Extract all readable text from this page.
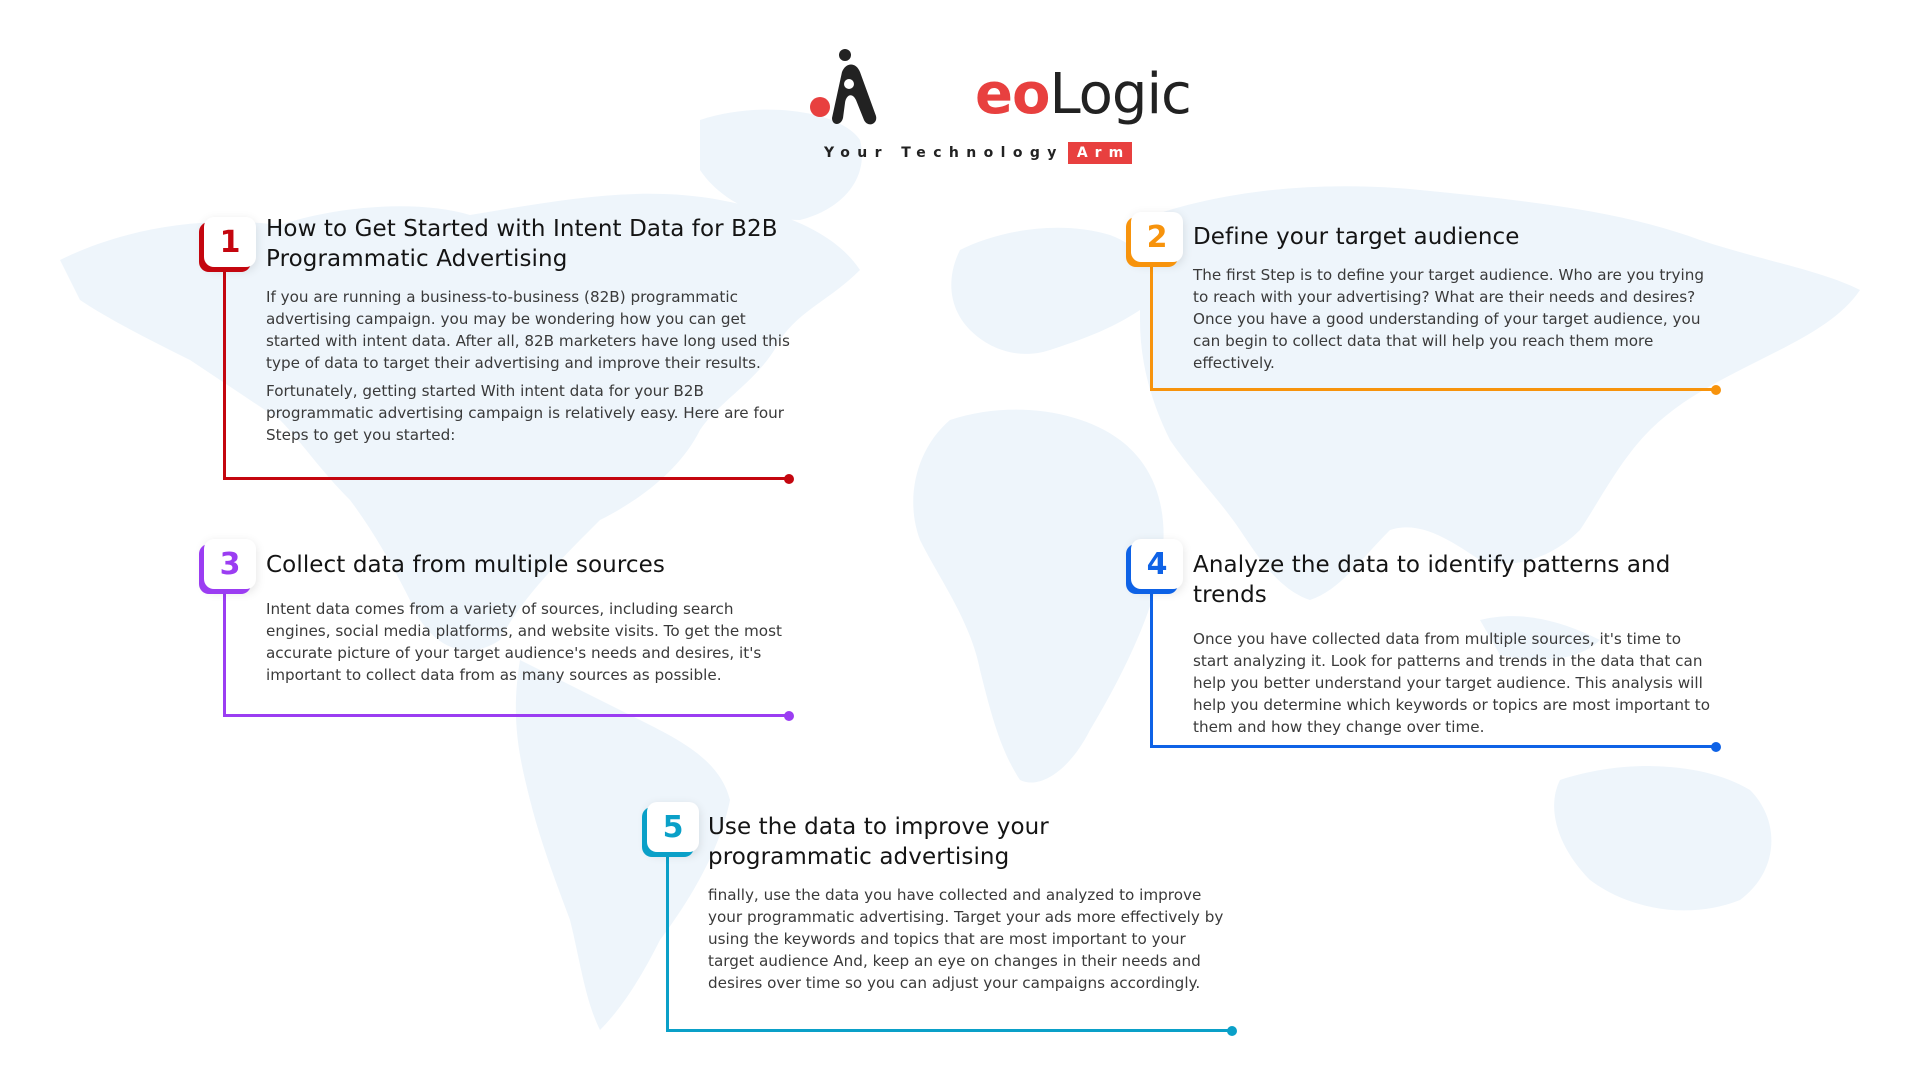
eoLogic
Your Technology Arm
1	How to Get Started with Intent Data for B2B Programmatic Advertising

If you are running a business-to-business (82B) programmatic advertising campaign. you may be wondering how you can get started with intent data. After all, 82B marketers have long used this type of data to target their advertising and improve their results.

Fortunately, getting started With intent data for your B2B programmatic advertising campaign is relatively easy. Here are four Steps to get you started:

2	Define your target audience

The first Step is to define your target audience. Who are you trying to reach with your advertising? What are their needs and desires? Once you have a good understanding of your target audience, you can begin to collect data that will help you reach them more effectively.

3	Collect data from multiple sources

Intent data comes from a variety of sources, including search engines, social media platforms, and website visits. To get the most accurate picture of your target audience's needs and desires, it's important to collect data from as many sources as possible.

4	Analyze the data to identify patterns and trends

Once you have collected data from multiple sources, it's time to start analyzing it. Look for patterns and trends in the data that can help you better understand your target audience. This analysis will help you determine which keywords or topics are most important to them and how they change over time.

5	Use the data to improve your programmatic advertising

finally, use the data you have collected and analyzed to improve your programmatic advertising. Target your ads more effectively by using the keywords and topics that are most important to your target audience And, keep an eye on changes in their needs and desires over time so you can adjust your campaigns accordingly.
